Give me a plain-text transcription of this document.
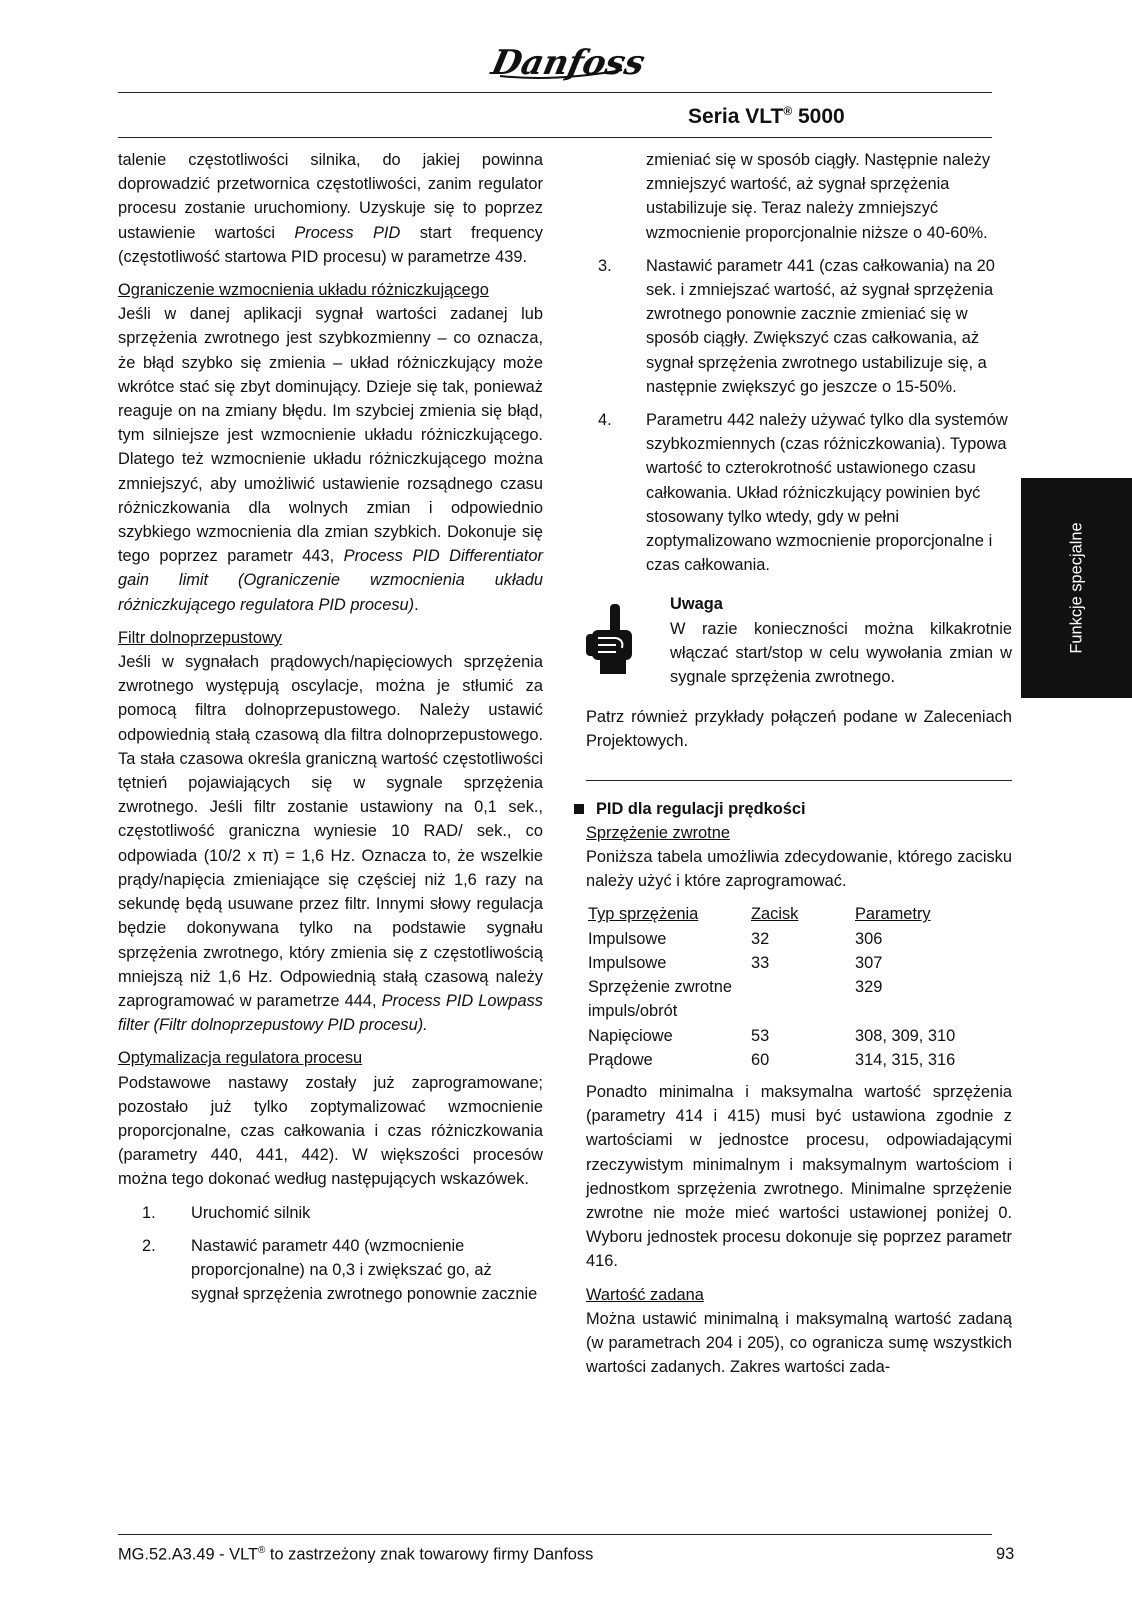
Danfoss
Seria VLT® 5000

talenie częstotliwości silnika, do jakiej powinna doprowadzić przetwornica częstotliwości, zanim regulator procesu zostanie uruchomiony. Uzyskuje się to poprzez ustawienie wartości Process PID start frequency (częstotliwość startowa PID procesu) w parametrze 439.

Ograniczenie wzmocnienia układu różniczkującego

Jeśli w danej aplikacji sygnał wartości zadanej lub sprzężenia zwrotnego jest szybkozmienny – co oznacza, że błąd szybko się zmienia – układ różniczkujący może wkrótce stać się zbyt dominujący. Dzieje się tak, ponieważ reaguje on na zmiany błędu. Im szybciej zmienia się błąd, tym silniejsze jest wzmocnienie układu różniczkującego. Dlatego też wzmocnienie układu różniczkującego można zmniejszyć, aby umożliwić ustawienie rozsądnego czasu różniczkowania dla wolnych zmian i odpowiednio szybkiego wzmocnienia dla zmian szybkich. Dokonuje się tego poprzez parametr 443, Process PID Differentiator gain limit (Ograniczenie wzmocnienia układu różniczkującego regulatora PID procesu).

Filtr dolnoprzepustowy

Jeśli w sygnałach prądowych/napięciowych sprzężenia zwrotnego występują oscylacje, można je stłumić za pomocą filtra dolnoprzepustowego. Należy ustawić odpowiednią stałą czasową dla filtra dolnoprzepustowego. Ta stała czasowa określa graniczną wartość częstotliwości tętnień pojawiających się w sygnale sprzężenia zwrotnego. Jeśli filtr zostanie ustawiony na 0,1 sek., częstotliwość graniczna wyniesie 10 RAD/ sek., co odpowiada (10/2 x π) = 1,6 Hz. Oznacza to, że wszelkie prądy/napięcia zmieniające się częściej niż 1,6 razy na sekundę będą usuwane przez filtr. Innymi słowy regulacja będzie dokonywana tylko na podstawie sygnału sprzężenia zwrotnego, który zmienia się z częstotliwością mniejszą niż 1,6 Hz. Odpowiednią stałą czasową należy zaprogramować w parametrze 444, Process PID Lowpass filter (Filtr dolnoprzepustowy PID procesu).

Optymalizacja regulatora procesu

Podstawowe nastawy zostały już zaprogramowane; pozostało już tylko zoptymalizować wzmocnienie proporcjonalne, czas całkowania i czas różniczkowania (parametry 440, 441, 442). W większości procesów można tego dokonać według następujących wskazówek.

1.	Uruchomić silnik
2.	Nastawić parametr 440 (wzmocnienie proporcjonalne) na 0,3 i zwiększać go, aż sygnał sprzężenia zwrotnego ponownie zacznie

zmieniać się w sposób ciągły. Następnie należy zmniejszyć wartość, aż sygnał sprzężenia ustabilizuje się. Teraz należy zmniejszyć wzmocnienie proporcjonalnie niższe o 40-60%.

3.	Nastawić parametr 441 (czas całkowania) na 20 sek. i zmniejszać wartość, aż sygnał sprzężenia zwrotnego ponownie zacznie zmieniać się w sposób ciągły. Zwiększyć czas całkowania, aż sygnał sprzężenia zwrotnego ustabilizuje się, a następnie zwiększyć go jeszcze o 15-50%.
4.	Parametru 442 należy używać tylko dla systemów szybkozmiennych (czas różniczkowania). Typowa wartość to czterokrotność ustawionego czasu całkowania. Układ różniczkujący powinien być stosowany tylko wtedy, gdy w pełni zoptymalizowano wzmocnienie proporcjonalne i czas całkowania.
Uwaga

W razie konieczności można kilkakrotnie włączać start/stop w celu wywołania zmian w sygnale sprzężenia zwrotnego.

Patrz również przykłady połączeń podane w Zaleceniach Projektowych.

PID dla regulacji prędkości

Sprzężenie zwrotne

Poniższa tabela umożliwia zdecydowanie, którego zacisku należy użyć i które zaprogramować.

Typ sprzężenia	Zacisk	Parametry
Impulsowe	32	306
Impulsowe	33	307
Sprzężenie zwrotne impuls/obrót		329
Napięciowe	53	308, 309, 310
Prądowe	60	314, 315, 316

Ponadto minimalna i maksymalna wartość sprzężenia (parametry 414 i 415) musi być ustawiona zgodnie z wartościami w jednostce procesu, odpowiadającymi rzeczywistym minimalnym i maksymalnym wartościom i jednostkom sprzężenia zwrotnego. Minimalne sprzężenie zwrotne nie może mieć wartości ustawionej poniżej 0. Wyboru jednostek procesu dokonuje się poprzez parametr 416.

Wartość zadana

Można ustawić minimalną i maksymalną wartość zadaną (w parametrach 204 i 205), co ogranicza sumę wszystkich wartości zadanych. Zakres wartości zada-

Funkcje specjalne
MG.52.A3.49 - VLT® to zastrzeżony znak towarowy firmy Danfoss	93
